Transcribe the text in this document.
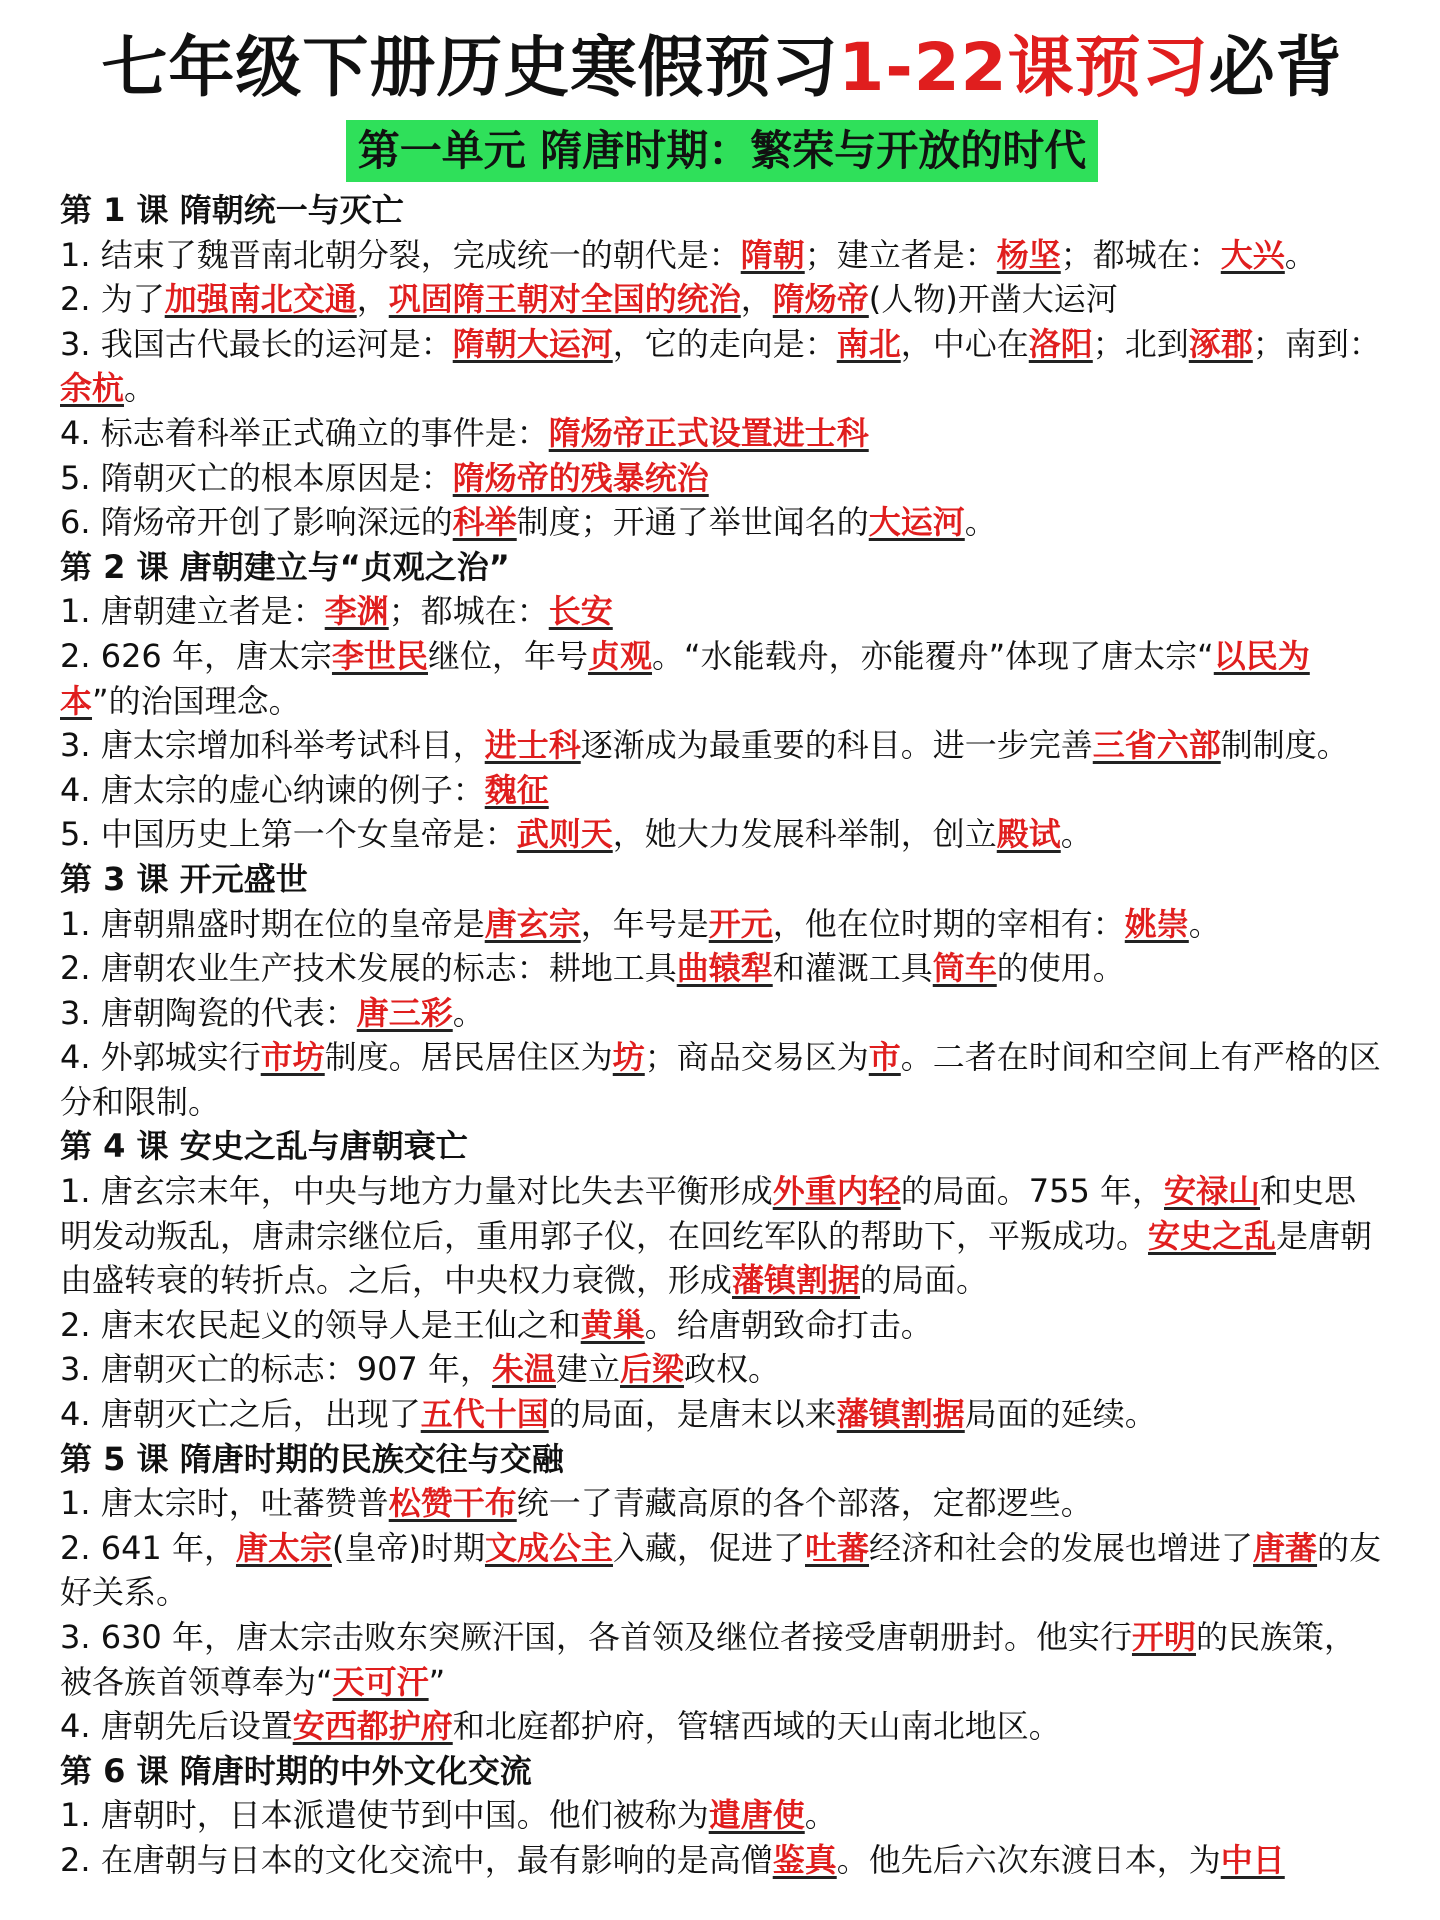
七年级下册历史寒假预习1-22课预习必背
第一单元 隋唐时期：繁荣与开放的时代

第 1 课 隋朝统一与灭亡

1. 结束了魏晋南北朝分裂，完成统一的朝代是：隋朝；建立者是：杨坚；都城在：大兴。

2. 为了加强南北交通，巩固隋王朝对全国的统治，隋炀帝(人物)开凿大运河

3. 我国古代最长的运河是：隋朝大运河，它的走向是：南北，中心在洛阳；北到涿郡；南到：余杭。

4. 标志着科举正式确立的事件是：隋炀帝正式设置进士科

5. 隋朝灭亡的根本原因是：隋炀帝的残暴统治

6. 隋炀帝开创了影响深远的科举制度；开通了举世闻名的大运河。

第 2 课 唐朝建立与“贞观之治”

1. 唐朝建立者是：李渊；都城在：长安

2. 626 年，唐太宗李世民继位，年号贞观。“水能载舟，亦能覆舟”体现了唐太宗“以民为本”的治国理念。

3. 唐太宗增加科举考试科目，进士科逐渐成为最重要的科目。进一步完善三省六部制制度。

4. 唐太宗的虚心纳谏的例子：魏征

5. 中国历史上第一个女皇帝是：武则天，她大力发展科举制，创立殿试。

第 3 课 开元盛世

1. 唐朝鼎盛时期在位的皇帝是唐玄宗，年号是开元，他在位时期的宰相有：姚崇。

2. 唐朝农业生产技术发展的标志：耕地工具曲辕犁和灌溉工具筒车的使用。

3. 唐朝陶瓷的代表：唐三彩。

4. 外郭城实行市坊制度。居民居住区为坊；商品交易区为市。二者在时间和空间上有严格的区分和限制。

第 4 课 安史之乱与唐朝衰亡

1. 唐玄宗末年，中央与地方力量对比失去平衡形成外重内轻的局面。755 年，安禄山和史思明发动叛乱，唐肃宗继位后，重用郭子仪，在回纥军队的帮助下，平叛成功。安史之乱是唐朝由盛转衰的转折点。之后，中央权力衰微，形成藩镇割据的局面。

2. 唐末农民起义的领导人是王仙之和黄巢。给唐朝致命打击。

3. 唐朝灭亡的标志：907 年，朱温建立后梁政权。

4. 唐朝灭亡之后，出现了五代十国的局面，是唐末以来藩镇割据局面的延续。

第 5 课 隋唐时期的民族交往与交融

1. 唐太宗时，吐蕃赞普松赞干布统一了青藏高原的各个部落，定都逻些。

2. 641 年，唐太宗(皇帝)时期文成公主入藏，促进了吐蕃经济和社会的发展也增进了唐蕃的友好关系。

3. 630 年，唐太宗击败东突厥汗国，各首领及继位者接受唐朝册封。他实行开明的民族策，被各族首领尊奉为“天可汗”

4. 唐朝先后设置安西都护府和北庭都护府，管辖西域的天山南北地区。

第 6 课 隋唐时期的中外文化交流

1. 唐朝时，日本派遣使节到中国。他们被称为遣唐使。

2. 在唐朝与日本的文化交流中，最有影响的是高僧鉴真。他先后六次东渡日本，为中日
